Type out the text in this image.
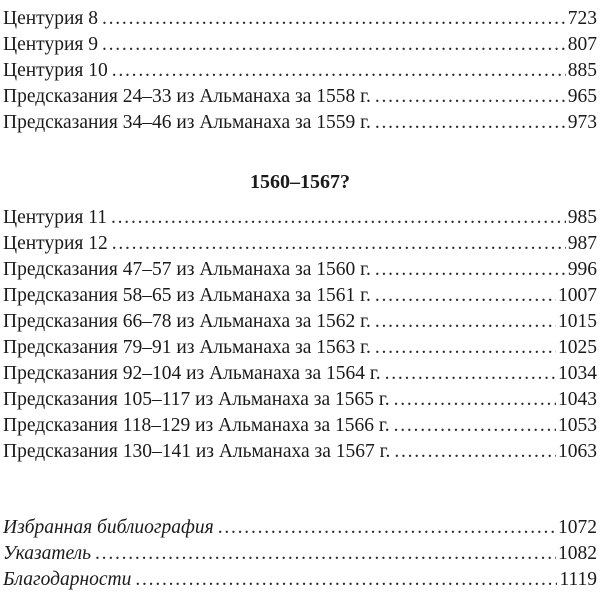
Центурия 8 . . .	723
Центурия 9 . . .	807
Центурия 10 . . .	885
Предсказания 24–33 из Альманаха за 1558 г. . . .	965
Предсказания 34–46 из Альманаха за 1559 г. . . .	973
1560–1567?
Центурия 11 . . .	985
Центурия 12 . . .	987
Предсказания 47–57 из Альманаха за 1560 г. . . .	996
Предсказания 58–65 из Альманаха за 1561 г. . . .	1007
Предсказания 66–78 из Альманаха за 1562 г. . . .	1015
Предсказания 79–91 из Альманаха за 1563 г. . . .	1025
Предсказания 92–104 из Альманаха за 1564 г. . . .	1034
Предсказания 105–117 из Альманаха за 1565 г. . . .	1043
Предсказания 118–129 из Альманаха за 1566 г. . . .	1053
Предсказания 130–141 из Альманаха за 1567 г. . . .	1063
Избранная библиография . . .	1072
Указатель . . .	1082
Благодарности . . .	1119
